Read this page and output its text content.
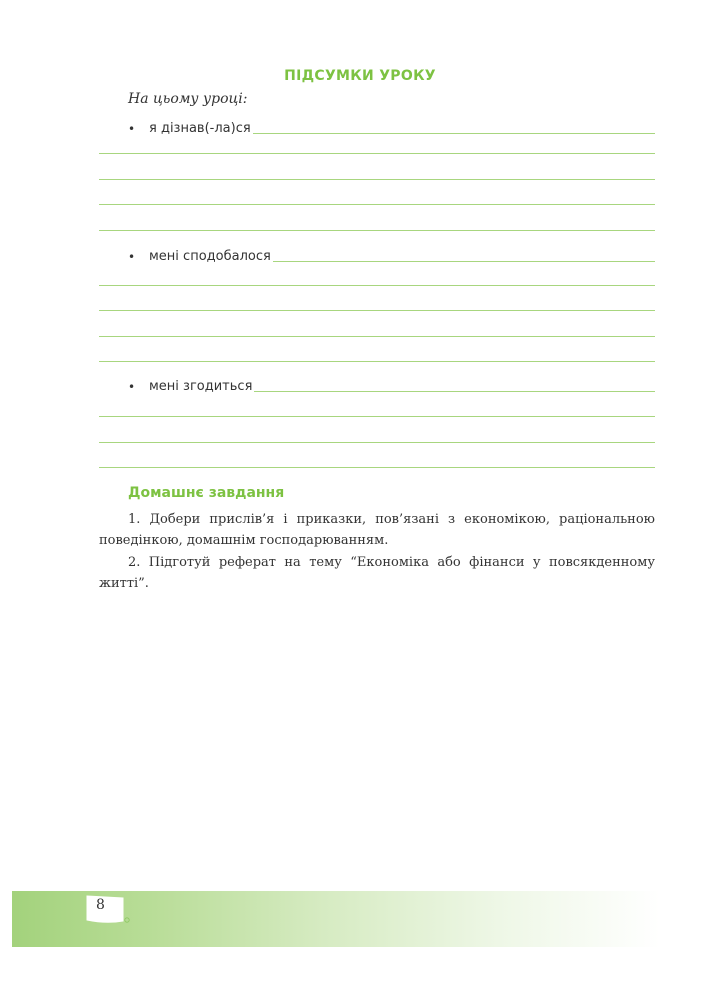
ПІДСУМКИ УРОКУ
На цьому уроці:
•	я дізнав(-ла)ся
•	мені сподобалося
•	мені згодиться
Домашнє завдання

1. Добери прислів’я і приказки, пов’язані з економікою, раціональною поведінкою, домашнім господарюванням.

2. Підготуй реферат на тему “Економіка або фінанси у повсякденному житті”.

8
